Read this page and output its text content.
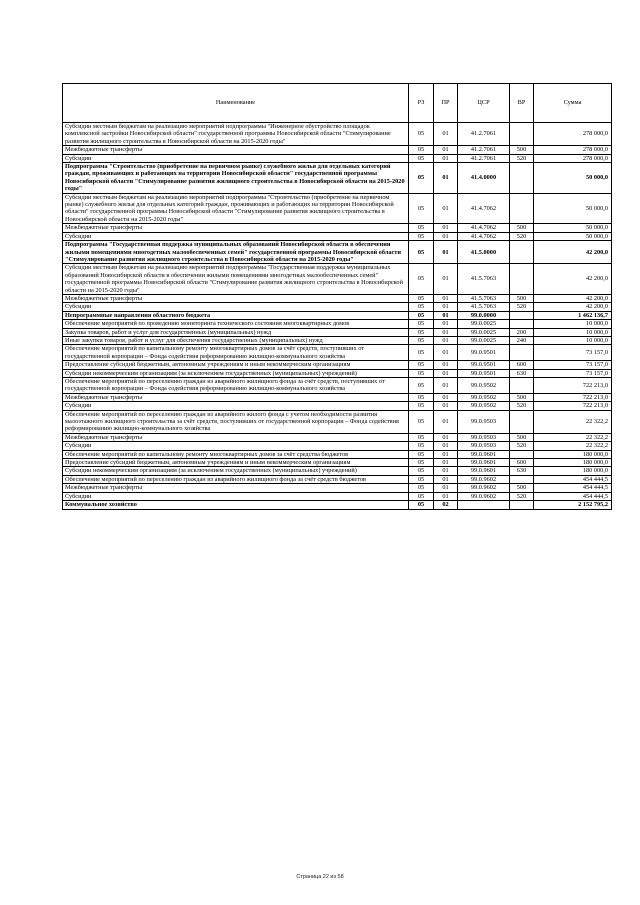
Наименование	РЗ	ПР	ЦСР	ВР	Сумма
Субсидии местным бюджетам на реализацию мероприятий подпрограммы "Инженерное обустройство площадок комплексной застройки Новосибирской области" государственной программы Новосибирской области "Стимулирование развития жилищного строительства в Новосибирской области на 2015-2020 годы"	05	01	41.2.7061		278 000,0
Межбюджетные трансферты	05	01	41.2.7061	500	278 000,0
Субсидии	05	01	41.2.7061	520	278 000,0
Подпрограмма "Строительство (приобретение на первичном рынке) служебного жилья для отдельных категорий граждан, проживающих и работающих на территории Новосибирской области" государственной программы Новосибирской области "Стимулирование развития жилищного строительства в Новосибирской области на 2015-2020 годы"	05	01	41.4.0000		50 000,0
Субсидии местным бюджетам на реализацию мероприятий подпрограммы "Строительство (приобретение на первичном рынке) служебного жилья для отдельных категорий граждан, проживающих и работающих на территории Новосибирской области" государственной программы Новосибирской области "Стимулирование развития жилищного строительства в Новосибирской области на 2015-2020 годы"	05	01	41.4.7062		50 000,0
Межбюджетные трансферты	05	01	41.4.7062	500	50 000,0
Субсидии	05	01	41.4.7062	520	50 000,0
Подпрограмма "Государственная поддержка муниципальных образований Новосибирской области в обеспечении жилыми помещениями многодетных малообеспеченных семей" государственной программы Новосибирской области "Стимулирование развития жилищного строительства в Новосибирской области на 2015-2020 годы"	05	01	41.5.0000		42 200,0
Субсидии местным бюджетам на реализацию мероприятий подпрограммы "Государственная поддержка муниципальных образований Новосибирской области в обеспечении жилыми помещениями многодетных малообеспеченных семей" государственной программы Новосибирской области "Стимулирование развития жилищного строительства в Новосибирской области на 2015-2020 годы"	05	01	41.5.7063		42 200,0
Межбюджетные трансферты	05	01	41.5.7063	500	42 200,0
Субсидии	05	01	41.5.7063	520	42 200,0
Непрограммные направления областного бюджета	05	01	99.0.0000		1 462 136,7
Обеспечение мероприятий по проведению мониторинга технического состояния многоквартирных домов	05	01	99.0.0025		10 000,0
Закупка товаров, работ и услуг для государственных (муниципальных) нужд	05	01	99.0.0025	200	10 000,0
Иные закупки товаров, работ и услуг для обеспечения государственных (муниципальных) нужд	05	01	99.0.0025	240	10 000,0
Обеспечение мероприятий по капитальному ремонту многоквартирных домов за счёт средств, поступивших от государственной корпорации – Фонда содействия реформированию жилищно-коммунального хозяйства	05	01	99.0.9501		73 157,0
Предоставление субсидий бюджетным, автономным учреждениям и иным некоммерческим организациям	05	01	99.0.9501	600	73 157,0
Субсидии некоммерческим организациям (за исключением государственных (муниципальных) учреждений)	05	01	99.0.9501	630	73 157,0
Обеспечение мероприятий по переселению граждан из аварийного жилищного фонда за счёт средств, поступивших от государственной корпорации – Фонда содействия реформированию жилищно-коммунального хозяйства	05	01	99.0.9502		722 213,0
Межбюджетные трансферты	05	01	99.0.9502	500	722 213,0
Субсидии	05	01	99.0.9502	520	722 213,0
Обеспечение мероприятий по переселению граждан из аварийного жилого фонда с учетом необходимости развития малоэтажного жилищного строительства за счёт средств, поступивших от государственной корпорации – Фонда содействия реформированию жилищно-коммунального хозяйства	05	01	99.0.9503		22 322,2
Межбюджетные трансферты	05	01	99.0.9503	500	22 322,2
Субсидии	05	01	99.0.9503	520	22 322,2
Обеспечение мероприятий по капитальному ремонту многоквартирных домов за счёт средства бюджетов	05	01	99.0.9601		180 000,0
Предоставление субсидий бюджетным, автономным учреждениям и иным некоммерческим организациям	05	01	99.0.9601	600	180 000,0
Субсидии некоммерческим организациям (за исключением государственных (муниципальных) учреждений)	05	01	99.0.9601	630	180 000,0
Обеспечение мероприятий по переселению граждан из аварийного жилищного фонда за счёт средств бюджетов	05	01	99.0.9602		454 444,5
Межбюджетные трансферты	05	01	99.0.9602	500	454 444,5
Субсидии	05	01	99.0.9602	520	454 444,5
Коммунальное хозяйство	05	02			2 152 795,2
Страница 22 из 58
